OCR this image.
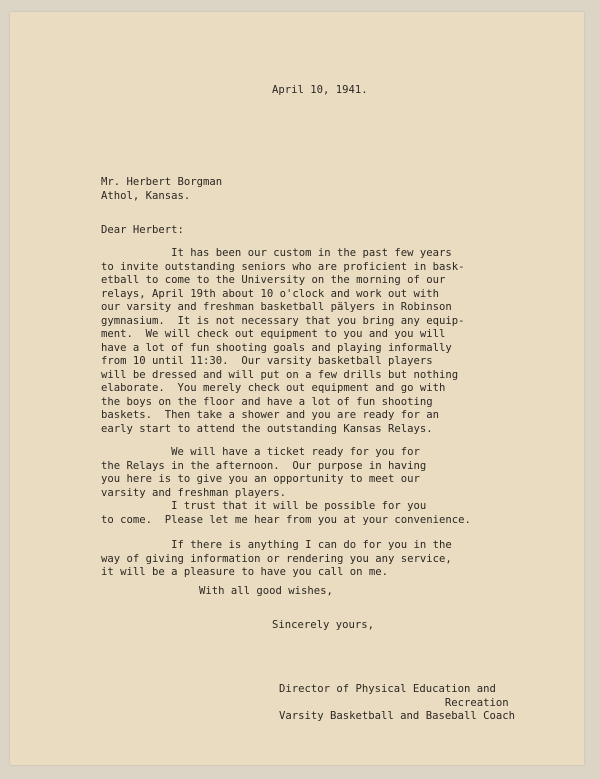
April 10, 1941.
Mr. Herbert Borgman
Athol, Kansas.
Dear Herbert:
It has been our custom in the past few years
to invite outstanding seniors who are proficient in bask-
etball to come to the University on the morning of our
relays, April 19th about 10 o'clock and work out with
our varsity and freshman basketball pälyers in Robinson
gymnasium.  It is not necessary that you bring any equip-
ment.  We will check out equipment to you and you will
have a lot of fun shooting goals and playing informally
from 10 until 11:30.  Our varsity basketball players
will be dressed and will put on a few drills but nothing
elaborate.  You merely check out equipment and go with
the boys on the floor and have a lot of fun shooting
baskets.  Then take a shower and you are ready for an
early start to attend the outstanding Kansas Relays.
We will have a ticket ready for you for
the Relays in the afternoon.  Our purpose in having
you here is to give you an opportunity to meet our
varsity and freshman players.
I trust that it will be possible for you
to come.  Please let me hear from you at your convenience.
If there is anything I can do for you in the
way of giving information or rendering you any service,
it will be a pleasure to have you call on me.
With all good wishes,
Sincerely yours,
Director of Physical Education and
Recreation
Varsity Basketball and Baseball Coach
